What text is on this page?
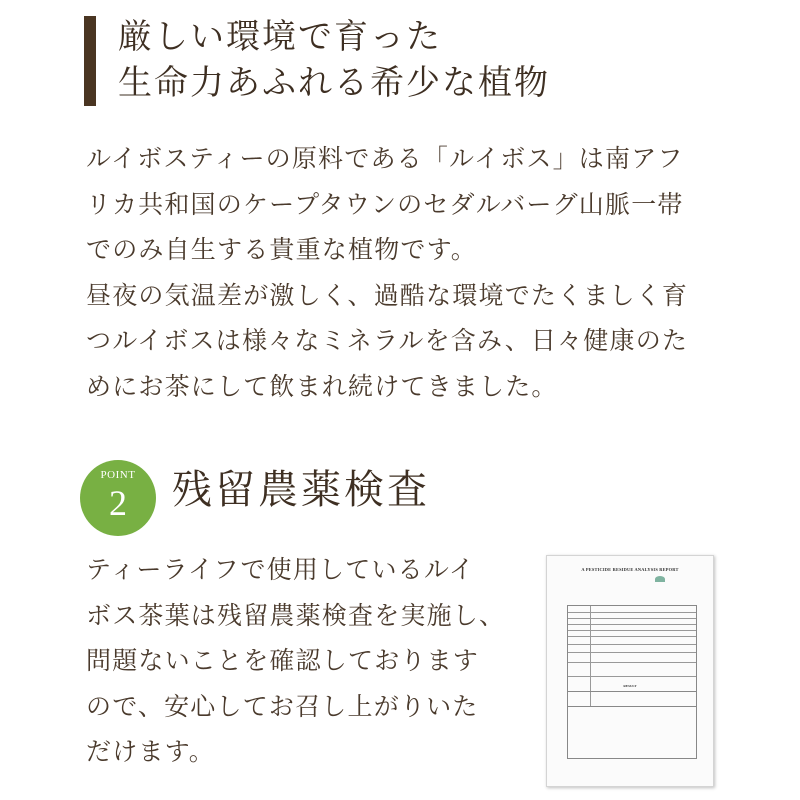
厳しい環境で育った
生命力あふれる希少な植物
ルイボスティーの原料である「ルイボス」は南アフ
リカ共和国のケープタウンのセダルバーグ山脈一帯
でのみ自生する貴重な植物です。
昼夜の気温差が激しく、過酷な環境でたくましく育
つルイボスは様々なミネラルを含み、日々健康のた
めにお茶にして飲まれ続けてきました。
POINT
2	残留農薬検査
ティーライフで使用しているルイ
ボス茶葉は残留農薬検査を実施し、
問題ないことを確認しております
ので、安心してお召し上がりいた
だけます。
A PESTICIDE RESIDUE ANALYSIS REPORT
RESULT
